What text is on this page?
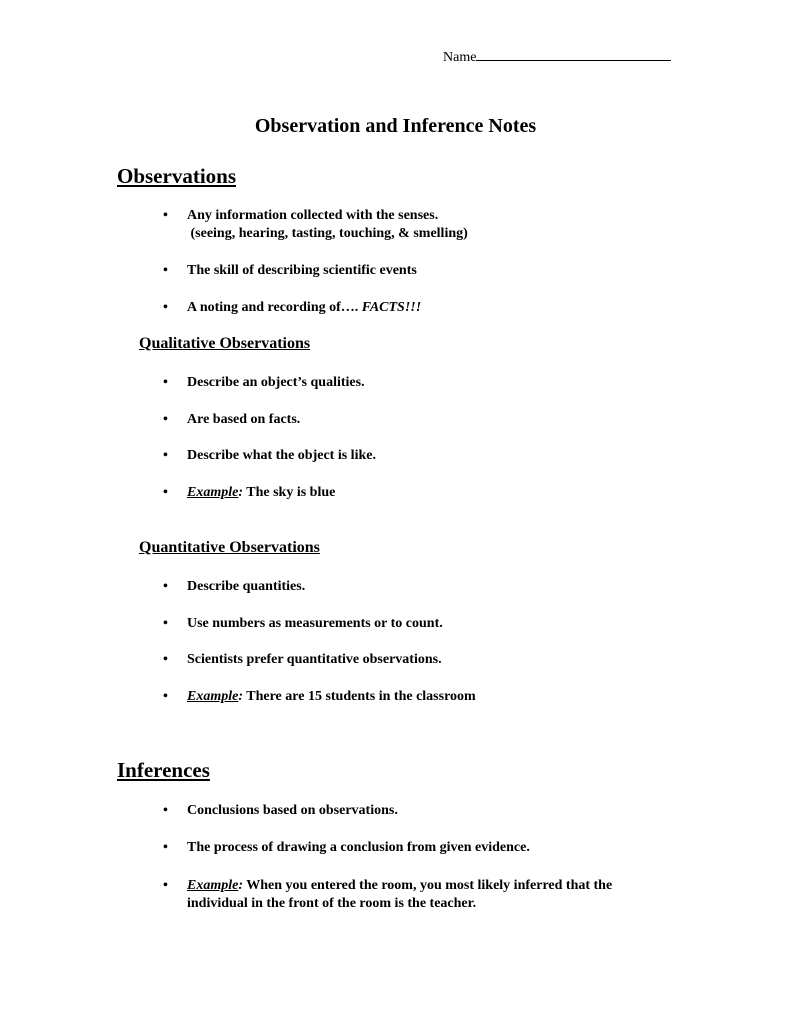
Name
Observation and Inference Notes
Observations
• Any information collected with the senses.
(seeing, hearing, tasting, touching, & smelling)
• The skill of describing scientific events
• A noting and recording of…. FACTS!!!
Qualitative Observations
• Describe an object’s qualities.
• Are based on facts.
• Describe what the object is like.
• Example: The sky is blue
Quantitative Observations
• Describe quantities.
• Use numbers as measurements or to count.
• Scientists prefer quantitative observations.
• Example: There are 15 students in the classroom
Inferences
• Conclusions based on observations.
• The process of drawing a conclusion from given evidence.
• Example: When you entered the room, you most likely inferred that the
individual in the front of the room is the teacher.
